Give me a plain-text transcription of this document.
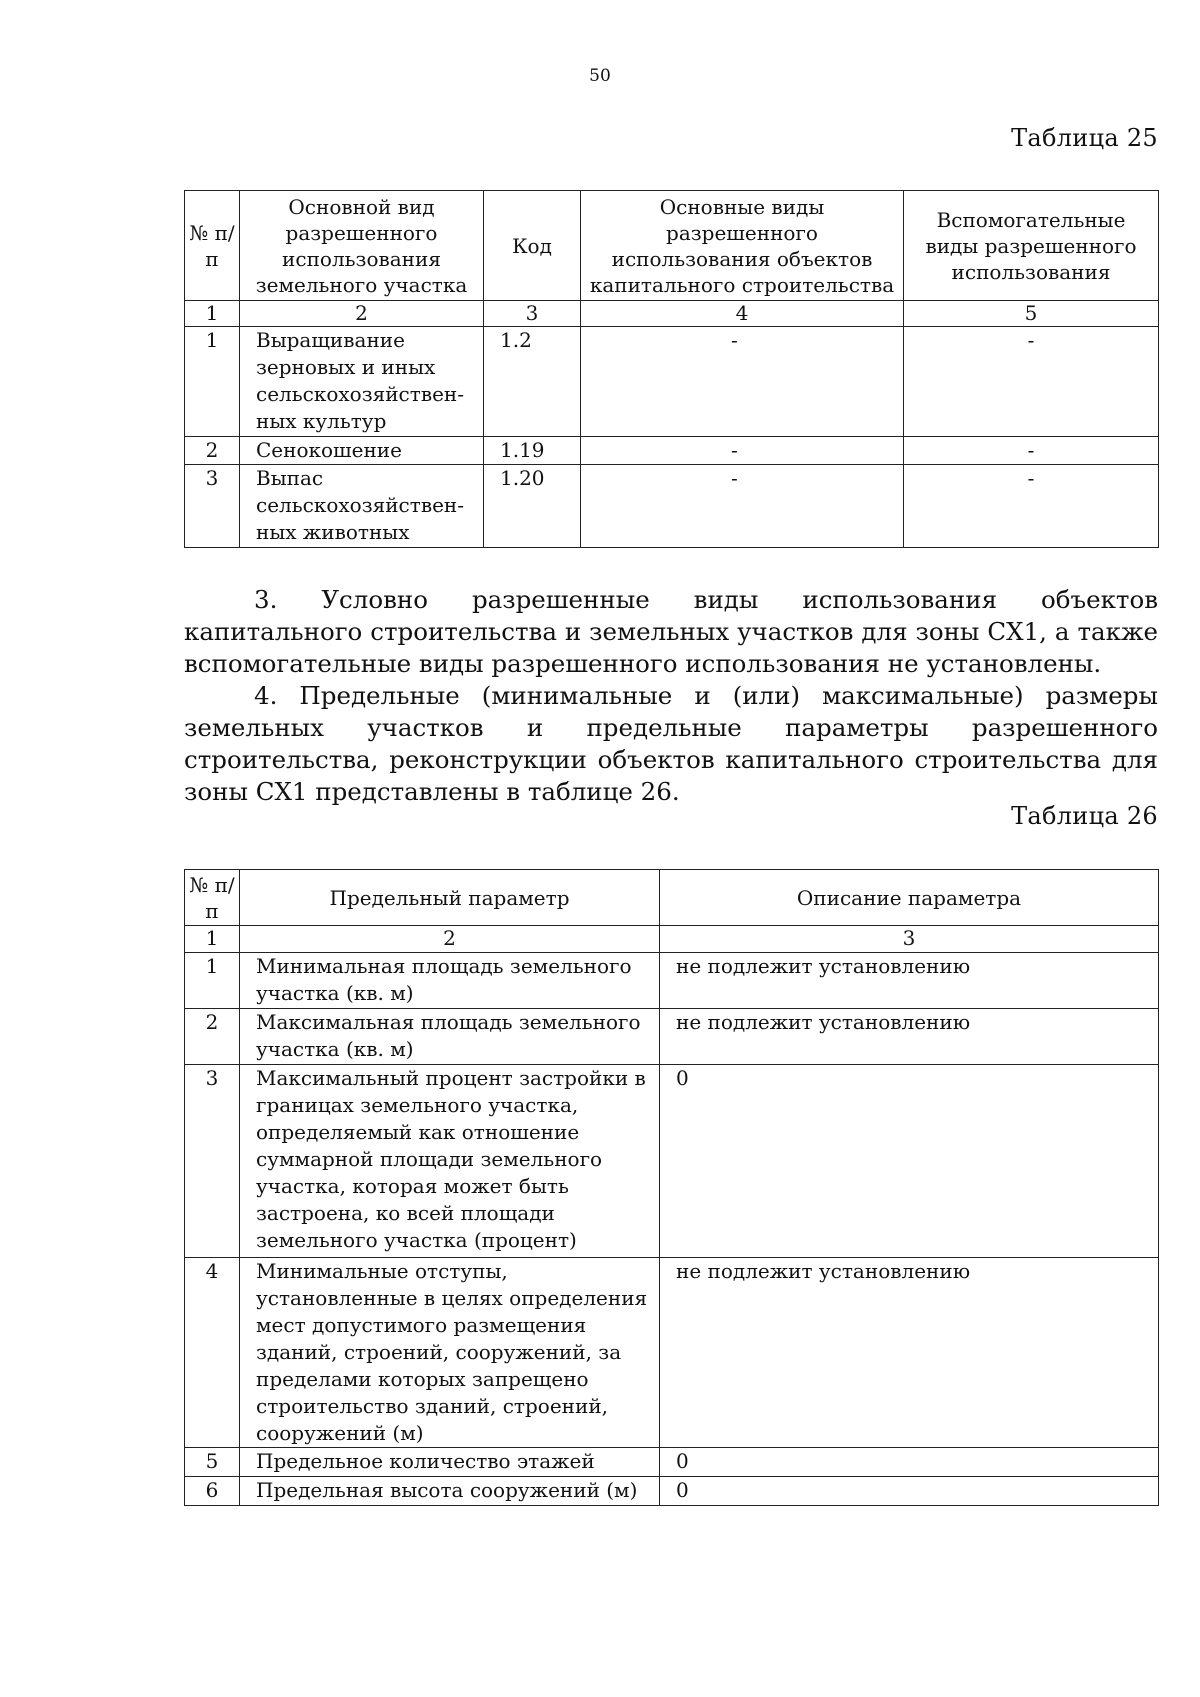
50
Таблица 25
№ п/п	Основной вид разрешенного использования земельного участка	Код	Основные виды разрешенного использования объектов капитального строительства	Вспомогательные виды разрешенного использования
1	2	3	4	5
1	Выращивание зерновых и иных сельскохозяйствен-ных культур	1.2	-	-
2	Сенокошение	1.19	-	-
3	Выпас сельскохозяйствен-ных животных	1.20	-	-
3. Условно разрешенные виды использования объектов капитального строительства и земельных участков для зоны СХ1, а также вспомогательные виды разрешенного использования не установлены.
4. Предельные (минимальные и (или) максимальные) размеры земельных участков и предельные параметры разрешенного строительства, реконструкции объектов капитального строительства для зоны СХ1 представлены в таблице 26.
Таблица 26
№ п/п	Предельный параметр	Описание параметра
1	2	3
1	Минимальная площадь земельного участка (кв. м)	не подлежит установлению
2	Максимальная площадь земельного участка (кв. м)	не подлежит установлению
3	Максимальный процент застройки в границах земельного участка, определяемый как отношение суммарной площади земельного участка, которая может быть застроена, ко всей площади земельного участка (процент)	0
4	Минимальные отступы, установленные в целях определения мест допустимого размещения зданий, строений, сооружений, за пределами которых запрещено строительство зданий, строений, сооружений (м)	не подлежит установлению
5	Предельное количество этажей	0
6	Предельная высота сооружений (м)	0
